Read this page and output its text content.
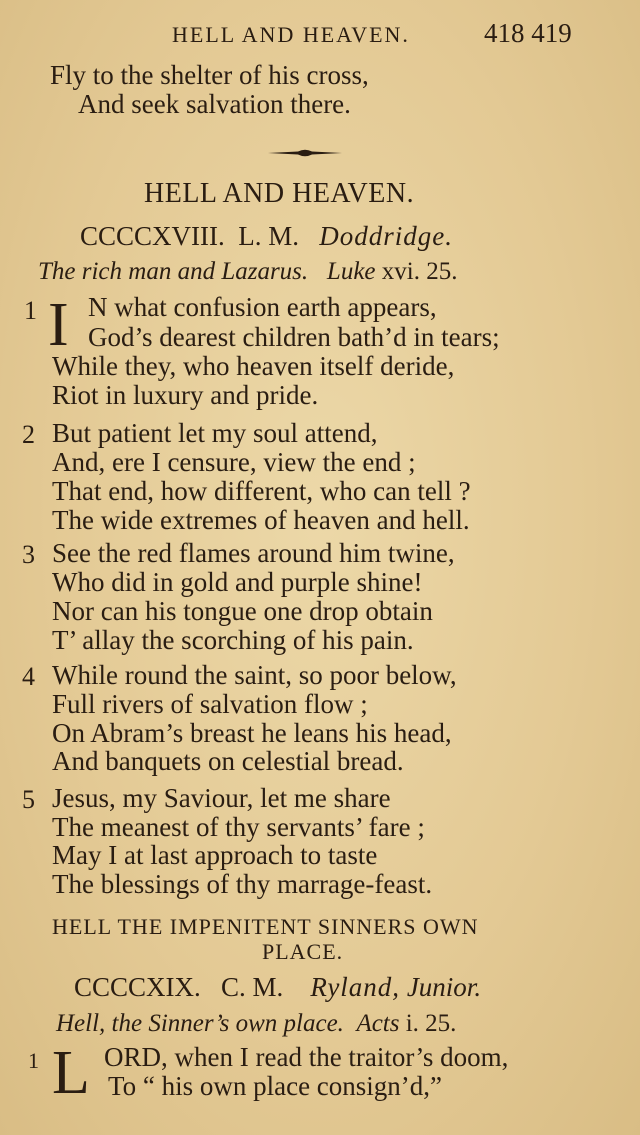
HELL AND HEAVEN.	418 419
Fly to the shelter of his cross,
And seek salvation there.
HELL AND HEAVEN.
CCCCXVIII. L. M. Doddridge.
The rich man and Lazarus. Luke xvi. 25.
1 I N what confusion earth appears,
God’s dearest children bath’d in tears;
While they, who heaven itself deride,
Riot in luxury and pride.
2 But patient let my soul attend,
And, ere I censure, view the end ;
That end, how different, who can tell ?
The wide extremes of heaven and hell.
3 See the red flames around him twine,
Who did in gold and purple shine!
Nor can his tongue one drop obtain
T’ allay the scorching of his pain.
4 While round the saint, so poor below,
Full rivers of salvation flow ;
On Abram’s breast he leans his head,
And banquets on celestial bread.
5 Jesus, my Saviour, let me share
The meanest of thy servants’ fare ;
May I at last approach to taste
The blessings of thy marrage-feast.
HELL THE IMPENITENT SINNERS OWN
PLACE.
CCCCXIX. C. M. Ryland, Junior.
Hell, the Sinner’s own place. Acts i. 25.
1 L ORD, when I read the traitor’s doom,
To “ his own place consign’d,”
